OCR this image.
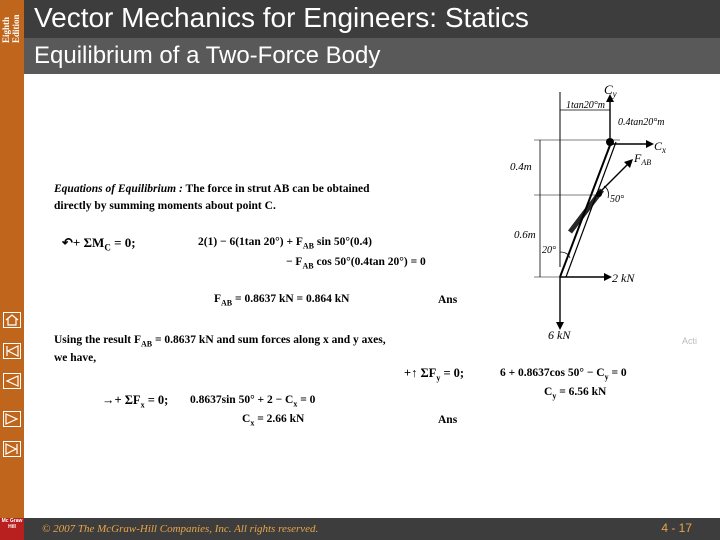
Eighth Edition Vector Mechanics for Engineers: Statics
Equilibrium of a Two-Force Body
Equations of Equilibrium : The force in strut AB can be obtained
directly by summing moments about point C.
↶+ $\Sigma M_C = 0$;	2(1) − 6(1tan $20^\circ) + F_{AB}$ sin 50°(0.4)
− $F_{AB}$ cos 50°(0.4tan 20°) = 0
$F_{AB} = 0.8637$ kN = 0.864 kN	Ans
Using the result $F_{AB} = 0.8637$ kN and sum forces along x and y axes,
we have,
+↑ $\Sigma F_y = 0$;	6 + 0.8637cos $50^\circ - C_y = 0$
$C_y = 6.56$ kN
→+ $\Sigma F_x = 0$; 0.8637sin $50^\circ + 2 - C_x = 0$
$C_x = 2.66$ kN	Ans
Acti
$C_y$
1tan20°m
0.4tan20°m
$C_x$
$F_{AB}$
0.4m
50°
0.6m
20°
2 kN
6 kN
Mc Graw Hill	© 2007 The McGraw-Hill Companies, Inc. All rights reserved.	4 - 17
